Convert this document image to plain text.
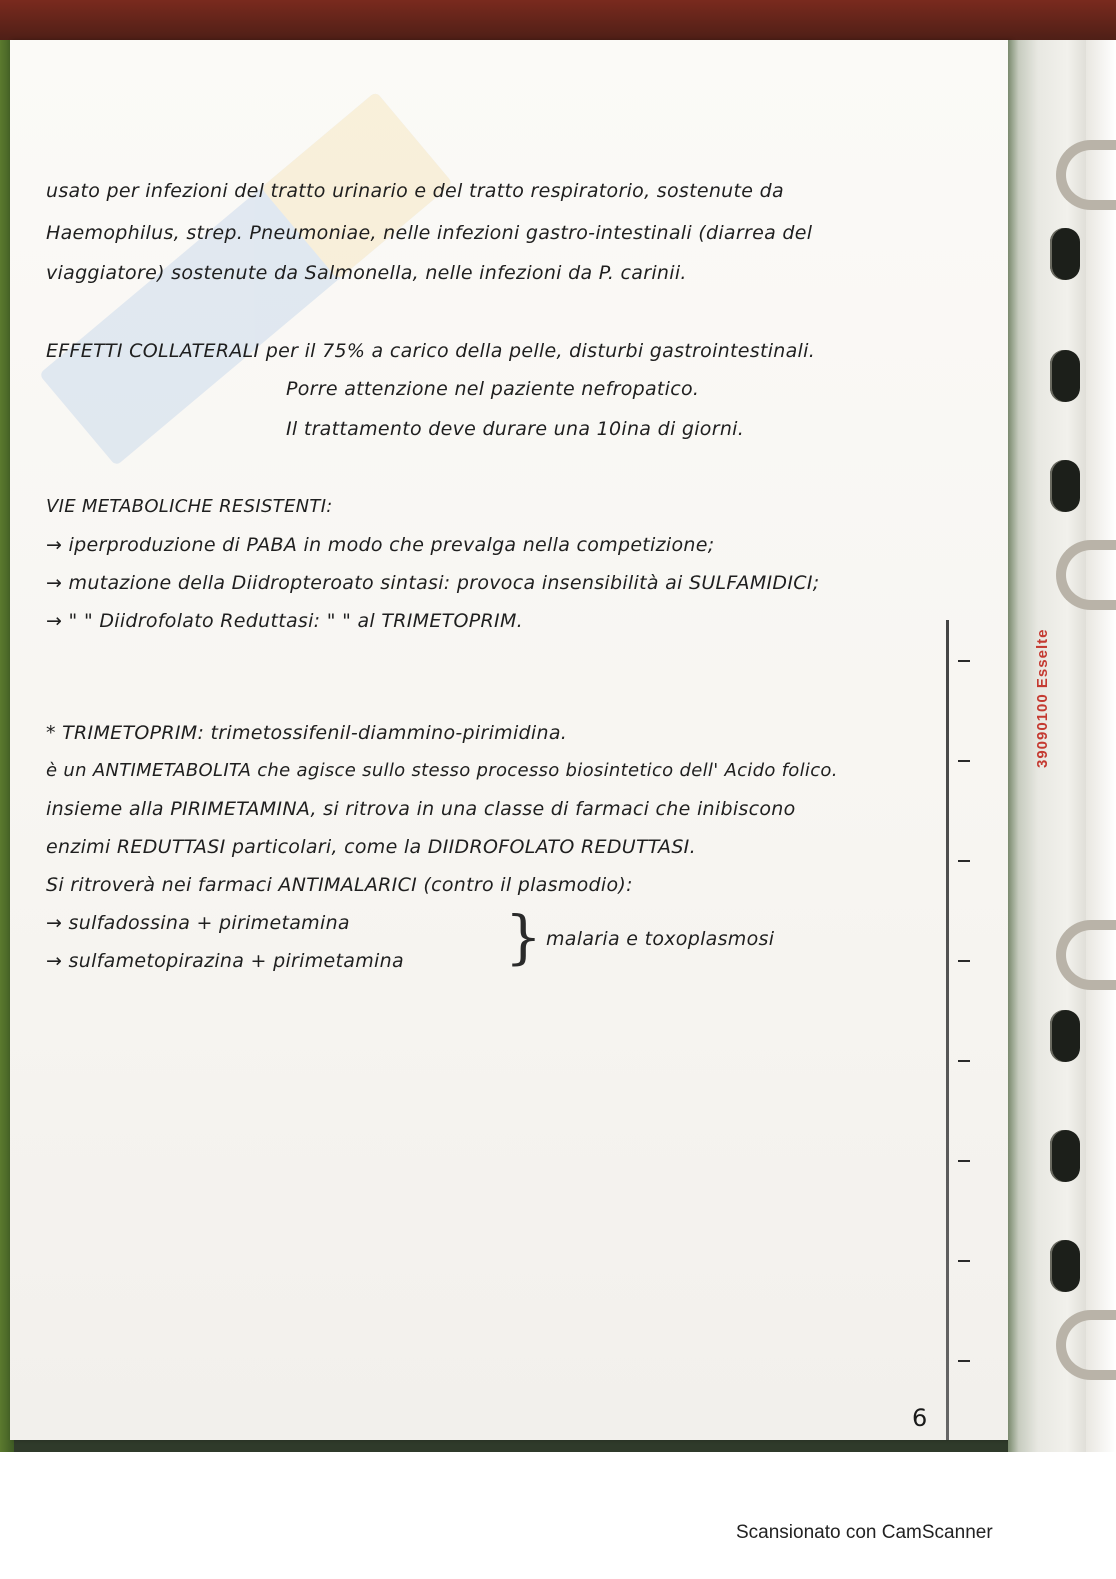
39090100 Esselte
usato per infezioni del tratto urinario e del tratto respiratorio, sostenute da
Haemophilus, strep. Pneumoniae, nelle infezioni gastro-intestinali (diarrea del
viaggiatore) sostenute da Salmonella, nelle infezioni da P. carinii.
EFFETTI COLLATERALI per il 75% a carico della pelle, disturbi gastrointestinali.
Porre attenzione nel paziente nefropatico.
Il trattamento deve durare una 10ina di giorni.
VIE METABOLICHE RESISTENTI:
→ iperproduzione di PABA in modo che prevalga nella competizione;
→ mutazione della Diidropteroato sintasi: provoca insensibilità ai SULFAMIDICI;
→ " " Diidrofolato Reduttasi: " " al TRIMETOPRIM.
* TRIMETOPRIM: trimetossifenil-diammino-pirimidina.
è un ANTIMETABOLITA che agisce sullo stesso processo biosintetico dell' Acido folico.
insieme alla PIRIMETAMINA, si ritrova in una classe di farmaci che inibiscono
enzimi REDUTTASI particolari, come la DIIDROFOLATO REDUTTASI.
Si ritroverà nei farmaci ANTIMALARICI (contro il plasmodio):
→ sulfadossina + pirimetamina
→ sulfametopirazina + pirimetamina } malaria e toxoplasmosi
6
Scansionato con CamScanner
